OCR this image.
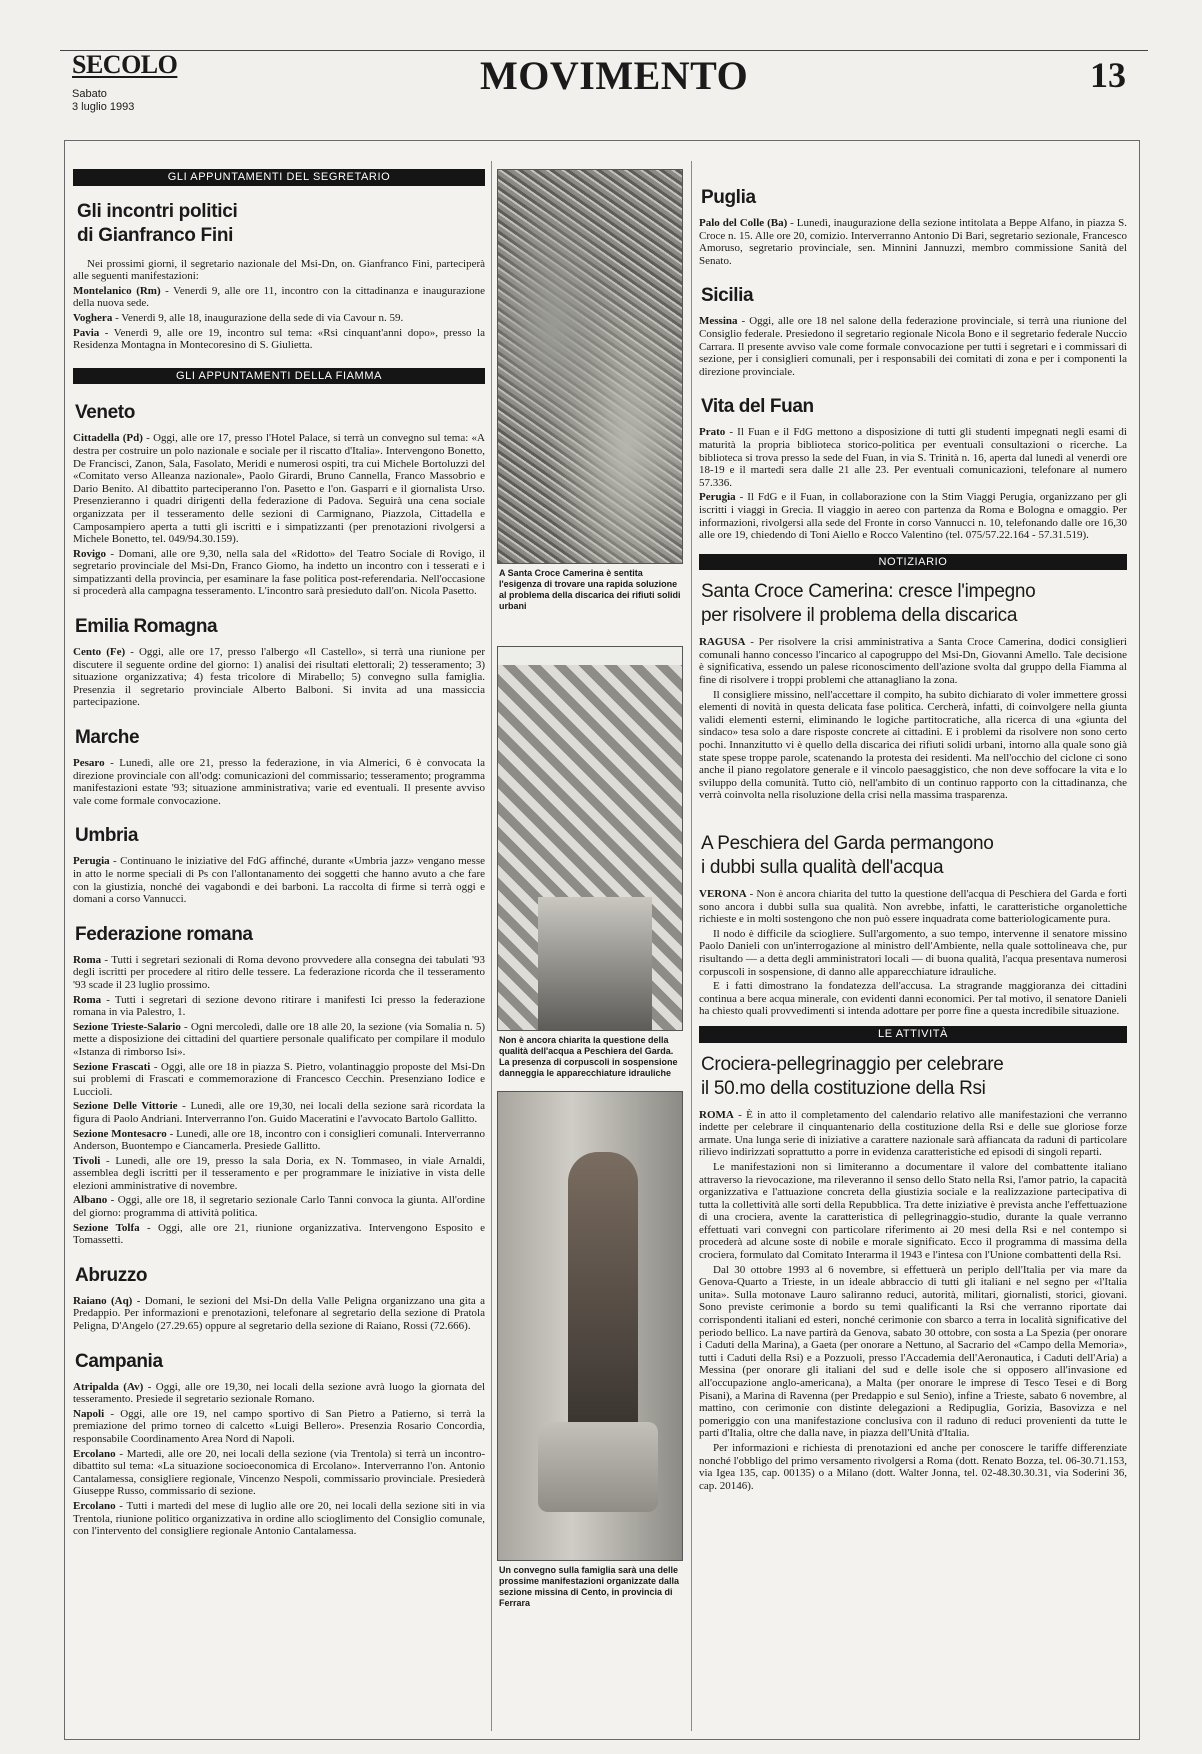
SECOLO
Sabato
3 luglio 1993
MOVIMENTO	13
GLI APPUNTAMENTI DEL SEGRETARIO
Gli incontri politici
di Gianfranco Fini

Nei prossimi giorni, il segretario nazionale del Msi-Dn, on. Gianfranco Fini, parteciperà alle seguenti manifestazioni:

Montelanico (Rm) - Venerdì 9, alle ore 11, incontro con la cittadinanza e inaugurazione della nuova sede.

Voghera - Venerdì 9, alle 18, inaugurazione della sede di via Cavour n. 59.

Pavia - Venerdì 9, alle ore 19, incontro sul tema: «Rsi cinquant'anni dopo», presso la Residenza Montagna in Montecoresino di S. Giulietta.

GLI APPUNTAMENTI DELLA FIAMMA
Veneto

Cittadella (Pd) - Oggi, alle ore 17, presso l'Hotel Palace, si terrà un convegno sul tema: «A destra per costruire un polo nazionale e sociale per il riscatto d'Italia». Intervengono Bonetto, De Francisci, Zanon, Sala, Fasolato, Meridi e numerosi ospiti, tra cui Michele Bortoluzzi del «Comitato verso Alleanza nazionale», Paolo Girardi, Bruno Cannella, Franco Massobrio e Dario Benito. Al dibattito parteciperanno l'on. Pasetto e l'on. Gasparri e il giornalista Urso. Presenzieranno i quadri dirigenti della federazione di Padova. Seguirà una cena sociale organizzata per il tesseramento delle sezioni di Carmignano, Piazzola, Cittadella e Camposampiero aperta a tutti gli iscritti e i simpatizzanti (per prenotazioni rivolgersi a Michele Bonetto, tel. 049/94.30.159).

Rovigo - Domani, alle ore 9,30, nella sala del «Ridotto» del Teatro Sociale di Rovigo, il segretario provinciale del Msi-Dn, Franco Giomo, ha indetto un incontro con i tesserati e i simpatizzanti della provincia, per esaminare la fase politica post-referendaria. Nell'occasione si procederà alla campagna tesseramento. L'incontro sarà presieduto dall'on. Nicola Pasetto.

Emilia Romagna

Cento (Fe) - Oggi, alle ore 17, presso l'albergo «Il Castello», si terrà una riunione per discutere il seguente ordine del giorno: 1) analisi dei risultati elettorali; 2) tesseramento; 3) situazione organizzativa; 4) festa tricolore di Mirabello; 5) convegno sulla famiglia. Presenzia il segretario provinciale Alberto Balboni. Si invita ad una massiccia partecipazione.

Marche

Pesaro - Lunedì, alle ore 21, presso la federazione, in via Almerici, 6 è convocata la direzione provinciale con all'odg: comunicazioni del commissario; tesseramento; programma manifestazioni estate '93; situazione amministrativa; varie ed eventuali. Il presente avviso vale come formale convocazione.

Umbria

Perugia - Continuano le iniziative del FdG affinché, durante «Umbria jazz» vengano messe in atto le norme speciali di Ps con l'allontanamento dei soggetti che hanno avuto a che fare con la giustizia, nonché dei vagabondi e dei barboni. La raccolta di firme si terrà oggi e domani a corso Vannucci.

Federazione romana

Roma - Tutti i segretari sezionali di Roma devono provvedere alla consegna dei tabulati '93 degli iscritti per procedere al ritiro delle tessere. La federazione ricorda che il tesseramento '93 scade il 23 luglio prossimo.

Roma - Tutti i segretari di sezione devono ritirare i manifesti Ici presso la federazione romana in via Palestro, 1.

Sezione Trieste-Salario - Ogni mercoledì, dalle ore 18 alle 20, la sezione (via Somalia n. 5) mette a disposizione dei cittadini del quartiere personale qualificato per compilare il modulo «Istanza di rimborso Isi».

Sezione Frascati - Oggi, alle ore 18 in piazza S. Pietro, volantinaggio proposte del Msi-Dn sui problemi di Frascati e commemorazione di Francesco Cecchin. Presenziano Iodice e Luccioli.

Sezione Delle Vittorie - Lunedì, alle ore 19,30, nei locali della sezione sarà ricordata la figura di Paolo Andriani. Interverranno l'on. Guido Maceratini e l'avvocato Bartolo Gallitto.

Sezione Montesacro - Lunedì, alle ore 18, incontro con i consiglieri comunali. Interverranno Anderson, Buontempo e Ciancamerla. Presiede Gallitto.

Tivoli - Lunedì, alle ore 19, presso la sala Doria, ex N. Tommaseo, in viale Arnaldi, assemblea degli iscritti per il tesseramento e per programmare le iniziative in vista delle elezioni amministrative di novembre.

Albano - Oggi, alle ore 18, il segretario sezionale Carlo Tanni convoca la giunta. All'ordine del giorno: programma di attività politica.

Sezione Tolfa - Oggi, alle ore 21, riunione organizzativa. Intervengono Esposito e Tomassetti.

Abruzzo

Raiano (Aq) - Domani, le sezioni del Msi-Dn della Valle Peligna organizzano una gita a Predappio. Per informazioni e prenotazioni, telefonare al segretario della sezione di Pratola Peligna, D'Angelo (27.29.65) oppure al segretario della sezione di Raiano, Rossi (72.666).

Campania

Atripalda (Av) - Oggi, alle ore 19,30, nei locali della sezione avrà luogo la giornata del tesseramento. Presiede il segretario sezionale Romano.

Napoli - Oggi, alle ore 19, nel campo sportivo di San Pietro a Patierno, si terrà la premiazione del primo torneo di calcetto «Luigi Bellero». Presenzia Rosario Concordia, responsabile Coordinamento Area Nord di Napoli.

Ercolano - Martedì, alle ore 20, nei locali della sezione (via Trentola) si terrà un incontro-dibattito sul tema: «La situazione socioeconomica di Ercolano». Interverranno l'on. Antonio Cantalamessa, consigliere regionale, Vincenzo Nespoli, commissario provinciale. Presiederà Giuseppe Russo, commissario di sezione.

Ercolano - Tutti i martedì del mese di luglio alle ore 20, nei locali della sezione siti in via Trentola, riunione politico organizzativa in ordine allo scioglimento del Consiglio comunale, con l'intervento del consigliere regionale Antonio Cantalamessa.

A Santa Croce Camerina è sentita l'esigenza di trovare una rapida soluzione al problema della discarica dei rifiuti solidi urbani
Non è ancora chiarita la questione della qualità dell'acqua a Peschiera del Garda. La presenza di corpuscoli in sospensione danneggia le apparecchiature idrauliche
Un convegno sulla famiglia sarà una delle prossime manifestazioni organizzate dalla sezione missina di Cento, in provincia di Ferrara
Puglia

Palo del Colle (Ba) - Lunedì, inaugurazione della sezione intitolata a Beppe Alfano, in piazza S. Croce n. 15. Alle ore 20, comizio. Interverranno Antonio Di Bari, segretario sezionale, Francesco Amoruso, segretario provinciale, sen. Minnini Jannuzzi, membro commissione Sanità del Senato.

Sicilia

Messina - Oggi, alle ore 18 nel salone della federazione provinciale, si terrà una riunione del Consiglio federale. Presiedono il segretario regionale Nicola Bono e il segretario federale Nuccio Carrara. Il presente avviso vale come formale convocazione per tutti i segretari e i commissari di sezione, per i consiglieri comunali, per i responsabili dei comitati di zona e per i componenti la direzione provinciale.

Vita del Fuan

Prato - Il Fuan e il FdG mettono a disposizione di tutti gli studenti impegnati negli esami di maturità la propria biblioteca storico-politica per eventuali consultazioni o ricerche. La biblioteca si trova presso la sede del Fuan, in via S. Trinità n. 16, aperta dal lunedì al venerdì ore 18-19 e il martedì sera dalle 21 alle 23. Per eventuali comunicazioni, telefonare al numero 57.336.

Perugia - Il FdG e il Fuan, in collaborazione con la Stim Viaggi Perugia, organizzano per gli iscritti i viaggi in Grecia. Il viaggio in aereo con partenza da Roma e Bologna e omaggio. Per informazioni, rivolgersi alla sede del Fronte in corso Vannucci n. 10, telefonando dalle ore 16,30 alle ore 19, chiedendo di Toni Aiello e Rocco Valentino (tel. 075/57.22.164 - 57.31.519).

NOTIZIARIO
Santa Croce Camerina: cresce l'impegno
per risolvere il problema della discarica

RAGUSA - Per risolvere la crisi amministrativa a Santa Croce Camerina, dodici consiglieri comunali hanno concesso l'incarico al capogruppo del Msi-Dn, Giovanni Amello. Tale decisione è significativa, essendo un palese riconoscimento dell'azione svolta dal gruppo della Fiamma al fine di risolvere i troppi problemi che attanagliano la zona.

Il consigliere missino, nell'accettare il compito, ha subito dichiarato di voler immettere grossi elementi di novità in questa delicata fase politica. Cercherà, infatti, di coinvolgere nella giunta validi elementi esterni, eliminando le logiche partitocratiche, alla ricerca di una «giunta del sindaco» tesa solo a dare risposte concrete ai cittadini. E i problemi da risolvere non sono certo pochi. Innanzitutto vi è quello della discarica dei rifiuti solidi urbani, intorno alla quale sono già state spese troppe parole, scatenando la protesta dei residenti. Ma nell'occhio del ciclone ci sono anche il piano regolatore generale e il vincolo paesaggistico, che non deve soffocare la vita e lo sviluppo della comunità. Tutto ciò, nell'ambito di un continuo rapporto con la cittadinanza, che verrà coinvolta nella risoluzione della crisi nella massima trasparenza.

A Peschiera del Garda permangono
i dubbi sulla qualità dell'acqua

VERONA - Non è ancora chiarita del tutto la questione dell'acqua di Peschiera del Garda e forti sono ancora i dubbi sulla sua qualità. Non avrebbe, infatti, le caratteristiche organolettiche richieste e in molti sostengono che non può essere inquadrata come batteriologicamente pura.

Il nodo è difficile da sciogliere. Sull'argomento, a suo tempo, intervenne il senatore missino Paolo Danieli con un'interrogazione al ministro dell'Ambiente, nella quale sottolineava che, pur risultando — a detta degli amministratori locali — di buona qualità, l'acqua presentava numerosi corpuscoli in sospensione, di danno alle apparecchiature idrauliche.

E i fatti dimostrano la fondatezza dell'accusa. La stragrande maggioranza dei cittadini continua a bere acqua minerale, con evidenti danni economici. Per tal motivo, il senatore Danieli ha chiesto quali provvedimenti si intenda adottare per porre fine a questa incredibile situazione.

LE ATTIVITÀ
Crociera-pellegrinaggio per celebrare
il 50.mo della costituzione della Rsi

ROMA - È in atto il completamento del calendario relativo alle manifestazioni che verranno indette per celebrare il cinquantenario della costituzione della Rsi e delle sue gloriose forze armate. Una lunga serie di iniziative a carattere nazionale sarà affiancata da raduni di particolare rilievo indirizzati soprattutto a porre in evidenza caratteristiche ed episodi di singoli reparti.

Le manifestazioni non si limiteranno a documentare il valore del combattente italiano attraverso la rievocazione, ma rileveranno il senso dello Stato nella Rsi, l'amor patrio, la capacità organizzativa e l'attuazione concreta della giustizia sociale e la realizzazione partecipativa di tutta la collettività alle sorti della Repubblica. Tra dette iniziative è prevista anche l'effettuazione di una crociera, avente la caratteristica di pellegrinaggio-studio, durante la quale verranno effettuati vari convegni con particolare riferimento ai 20 mesi della Rsi e nel contempo si procederà ad alcune soste di nobile e morale significato. Ecco il programma di massima della crociera, formulato dal Comitato Interarma il 1943 e l'intesa con l'Unione combattenti della Rsi.

Dal 30 ottobre 1993 al 6 novembre, si effettuerà un periplo dell'Italia per via mare da Genova-Quarto a Trieste, in un ideale abbraccio di tutti gli italiani e nel segno per «l'Italia unita». Sulla motonave Lauro saliranno reduci, autorità, militari, giornalisti, storici, giovani. Sono previste cerimonie a bordo su temi qualificanti la Rsi che verranno riportate dai corrispondenti italiani ed esteri, nonché cerimonie con sbarco a terra in località significative del periodo bellico. La nave partirà da Genova, sabato 30 ottobre, con sosta a La Spezia (per onorare i Caduti della Marina), a Gaeta (per onorare a Nettuno, al Sacrario del «Campo della Memoria», tutti i Caduti della Rsi) e a Pozzuoli, presso l'Accademia dell'Aeronautica, i Caduti dell'Aria) a Messina (per onorare gli italiani del sud e delle isole che si opposero all'invasione ed all'occupazione anglo-americana), a Malta (per onorare le imprese di Tesco Tesei e di Borg Pisani), a Marina di Ravenna (per Predappio e sul Senio), infine a Trieste, sabato 6 novembre, al mattino, con cerimonie con distinte delegazioni a Redipuglia, Gorizia, Basovizza e nel pomeriggio con una manifestazione conclusiva con il raduno di reduci provenienti da tutte le parti d'Italia, oltre che dalla nave, in piazza dell'Unità d'Italia.

Per informazioni e richiesta di prenotazioni ed anche per conoscere le tariffe differenziate nonché l'obbligo del primo versamento rivolgersi a Roma (dott. Renato Bozza, tel. 06-30.71.153, via Igea 135, cap. 00135) o a Milano (dott. Walter Jonna, tel. 02-48.30.30.31, via Soderini 36, cap. 20146).
